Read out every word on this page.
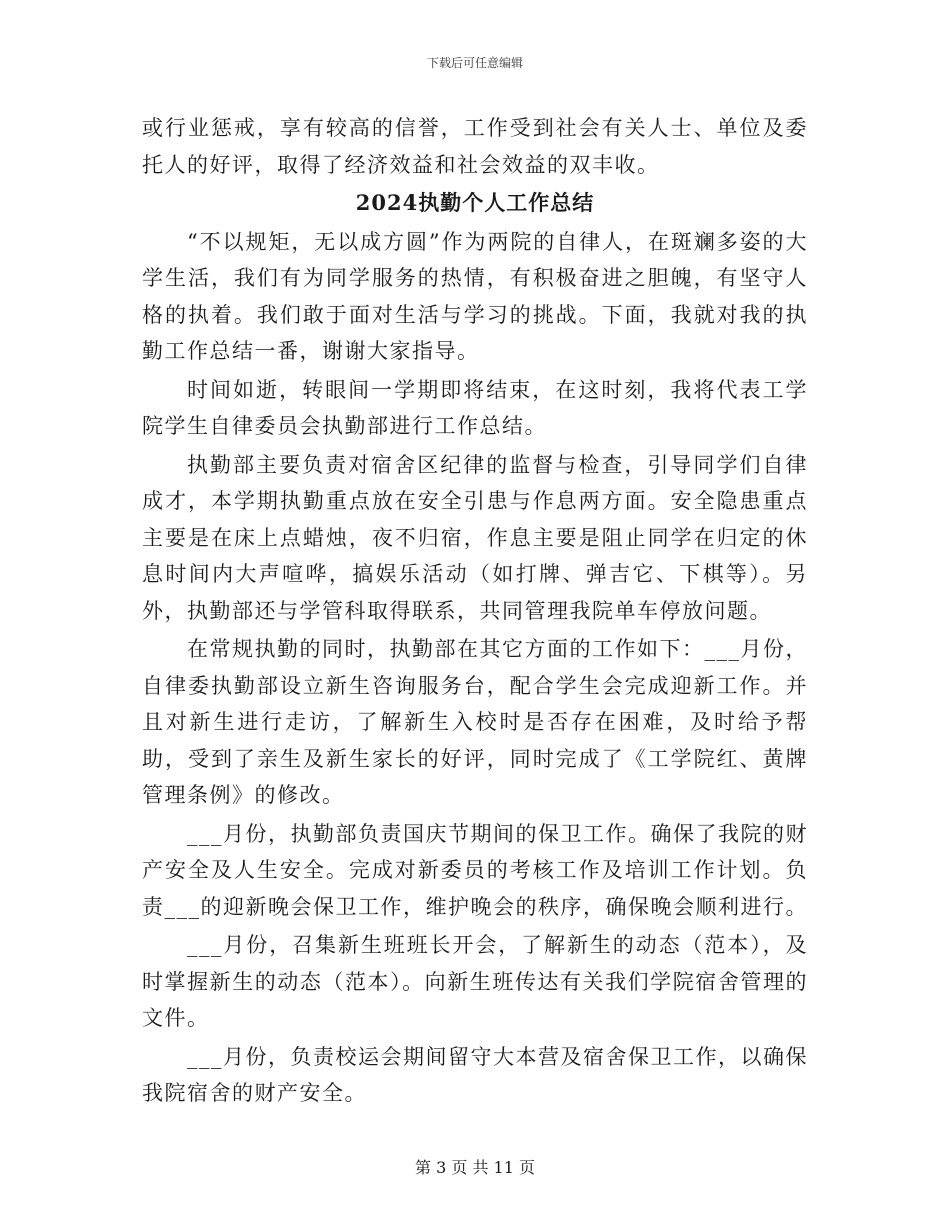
下载后可任意编辑

或行业惩戒，享有较高的信誉，工作受到社会有关人士、单位及委托人的好评，取得了经济效益和社会效益的双丰收。

2024执勤个人工作总结

“不以规矩，无以成方圆”作为两院的自律人，在斑斓多姿的大学生活，我们有为同学服务的热情，有积极奋进之胆魄，有坚守人格的执着。我们敢于面对生活与学习的挑战。下面，我就对我的执勤工作总结一番，谢谢大家指导。

时间如逝，转眼间一学期即将结束，在这时刻，我将代表工学院学生自律委员会执勤部进行工作总结。

执勤部主要负责对宿舍区纪律的监督与检查，引导同学们自律成才，本学期执勤重点放在安全引患与作息两方面。安全隐患重点主要是在床上点蜡烛，夜不归宿，作息主要是阻止同学在归定的休息时间内大声喧哗，搞娱乐活动（如打牌、弹吉它、下棋等）。另外，执勤部还与学管科取得联系，共同管理我院单车停放问题。

在常规执勤的同时，执勤部在其它方面的工作如下：___月份，自律委执勤部设立新生咨询服务台，配合学生会完成迎新工作。并且对新生进行走访，了解新生入校时是否存在困难，及时给予帮助，受到了亲生及新生家长的好评，同时完成了《工学院红、黄牌管理条例》的修改。

___月份，执勤部负责国庆节期间的保卫工作。确保了我院的财产安全及人生安全。完成对新委员的考核工作及培训工作计划。负责___的迎新晚会保卫工作，维护晚会的秩序，确保晚会顺利进行。

___月份，召集新生班班长开会，了解新生的动态（范本），及时掌握新生的动态（范本）。向新生班传达有关我们学院宿舍管理的文件。

___月份，负责校运会期间留守大本营及宿舍保卫工作，以确保我院宿舍的财产安全。

第 3 页 共 11 页
